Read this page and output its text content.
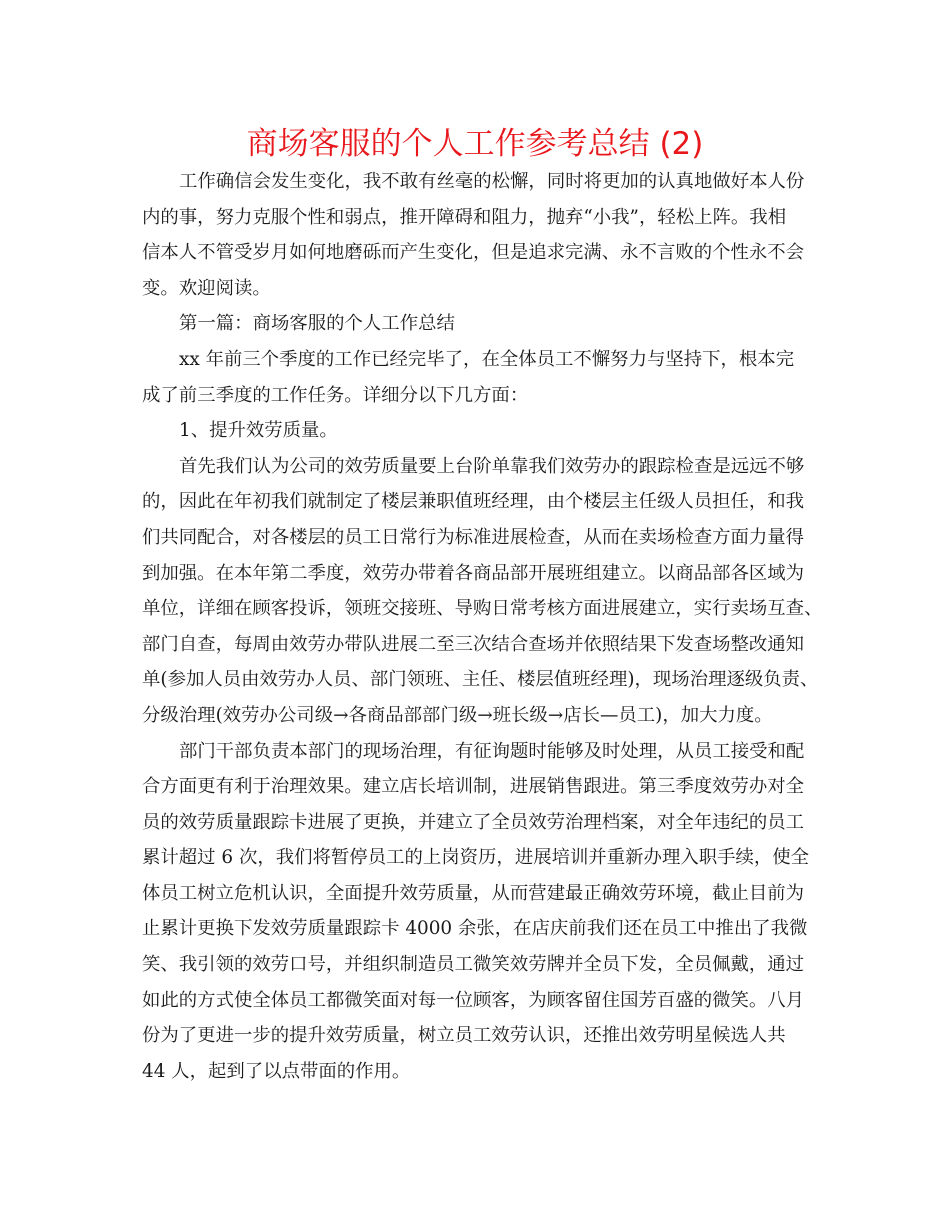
商场客服的个人工作参考总结 (2)
工作确信会发生变化，我不敢有丝毫的松懈，同时将更加的认真地做好本人份
内的事，努力克服个性和弱点，推开障碍和阻力，抛弃“小我”，轻松上阵。我相
信本人不管受岁月如何地磨砾而产生变化，但是追求完满、永不言败的个性永不会
变。欢迎阅读。
第一篇：商场客服的个人工作总结
xx 年前三个季度的工作已经完毕了，在全体员工不懈努力与坚持下，根本完
成了前三季度的工作任务。详细分以下几方面：
1、提升效劳质量。
首先我们认为公司的效劳质量要上台阶单靠我们效劳办的跟踪检查是远远不够
的，因此在年初我们就制定了楼层兼职值班经理，由个楼层主任级人员担任，和我
们共同配合，对各楼层的员工日常行为标准进展检查，从而在卖场检查方面力量得
到加强。在本年第二季度，效劳办带着各商品部开展班组建立。以商品部各区域为
单位，详细在顾客投诉，领班交接班、导购日常考核方面进展建立，实行卖场互查、
部门自查，每周由效劳办带队进展二至三次结合查场并依照结果下发查场整改通知
单(参加人员由效劳办人员、部门领班、主任、楼层值班经理)，现场治理逐级负责、
分级治理(效劳办公司级→各商品部部门级→班长级→店长—员工)，加大力度。
部门干部负责本部门的现场治理，有征询题时能够及时处理，从员工接受和配
合方面更有利于治理效果。建立店长培训制，进展销售跟进。第三季度效劳办对全
员的效劳质量跟踪卡进展了更换，并建立了全员效劳治理档案，对全年违纪的员工
累计超过 6 次，我们将暂停员工的上岗资历，进展培训并重新办理入职手续，使全
体员工树立危机认识，全面提升效劳质量，从而营建最正确效劳环境，截止目前为
止累计更换下发效劳质量跟踪卡 4000 余张，在店庆前我们还在员工中推出了我微
笑、我引领的效劳口号，并组织制造员工微笑效劳牌并全员下发，全员佩戴，通过
如此的方式使全体员工都微笑面对每一位顾客，为顾客留住国芳百盛的微笑。八月
份为了更进一步的提升效劳质量，树立员工效劳认识，还推出效劳明星候选人共
44 人，起到了以点带面的作用。
